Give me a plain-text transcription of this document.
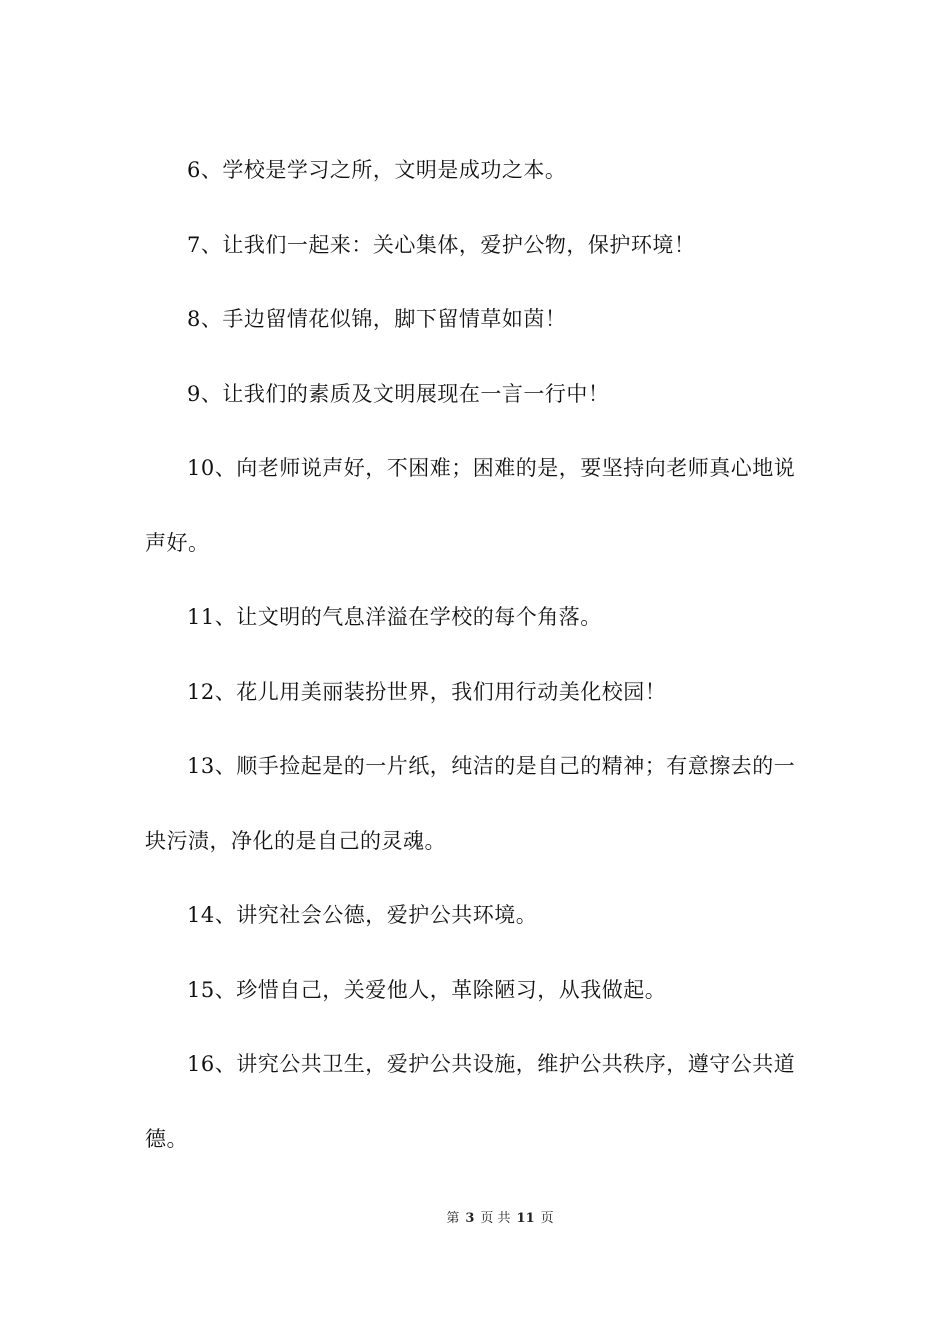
6、学校是学习之所，文明是成功之本。

7、让我们一起来：关心集体，爱护公物，保护环境！

8、手边留情花似锦，脚下留情草如茵！

9、让我们的素质及文明展现在一言一行中！

10、向老师说声好，不困难；困难的是，要坚持向老师真心地说声好。

11、让文明的气息洋溢在学校的每个角落。

12、花儿用美丽装扮世界，我们用行动美化校园！

13、顺手捡起是的一片纸，纯洁的是自己的精神；有意擦去的一块污渍，净化的是自己的灵魂。

14、讲究社会公德，爱护公共环境。

15、珍惜自己，关爱他人，革除陋习，从我做起。

16、讲究公共卫生，爱护公共设施，维护公共秩序，遵守公共道德。

第 3 页 共 11 页
